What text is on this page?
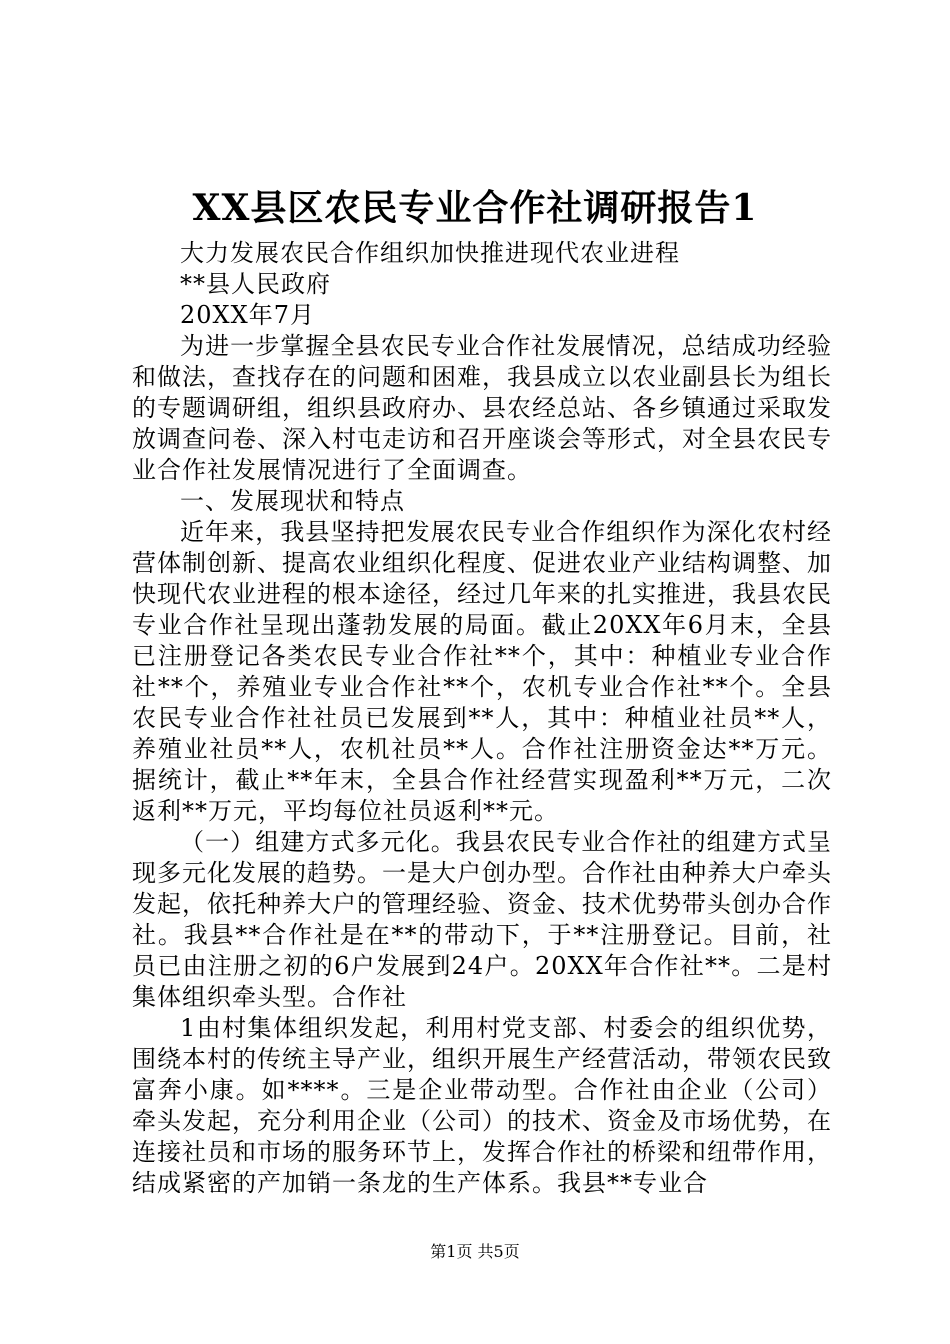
XX县区农民专业合作社调研报告1

大力发展农民合作组织加快推进现代农业进程

**县人民政府

20XX年7月

为进一步掌握全县农民专业合作社发展情况，总结成功经验和做法，查找存在的问题和困难，我县成立以农业副县长为组长的专题调研组，组织县政府办、县农经总站、各乡镇通过采取发放调查问卷、深入村屯走访和召开座谈会等形式，对全县农民专业合作社发展情况进行了全面调查。

一、发展现状和特点

近年来，我县坚持把发展农民专业合作组织作为深化农村经营体制创新、提高农业组织化程度、促进农业产业结构调整、加快现代农业进程的根本途径，经过几年来的扎实推进，我县农民专业合作社呈现出蓬勃发展的局面。截止20XX年6月末，全县已注册登记各类农民专业合作社**个，其中：种植业专业合作社**个，养殖业专业合作社**个，农机专业合作社**个。全县农民专业合作社社员已发展到**人，其中：种植业社员**人，养殖业社员**人，农机社员**人。合作社注册资金达**万元。据统计，截止**年末，全县合作社经营实现盈利**万元，二次返利**万元，平均每位社员返利**元。

（一）组建方式多元化。我县农民专业合作社的组建方式呈现多元化发展的趋势。一是大户创办型。合作社由种养大户牵头发起，依托种养大户的管理经验、资金、技术优势带头创办合作社。我县**合作社是在**的带动下，于**注册登记。目前，社员已由注册之初的6户发展到24户。20XX年合作社**。二是村集体组织牵头型。合作社

1由村集体组织发起，利用村党支部、村委会的组织优势，围绕本村的传统主导产业，组织开展生产经营活动，带领农民致富奔小康。如****。三是企业带动型。合作社由企业（公司）牵头发起，充分利用企业（公司）的技术、资金及市场优势，在连接社员和市场的服务环节上，发挥合作社的桥梁和纽带作用，结成紧密的产加销一条龙的生产体系。我县**专业合

第1页 共5页
